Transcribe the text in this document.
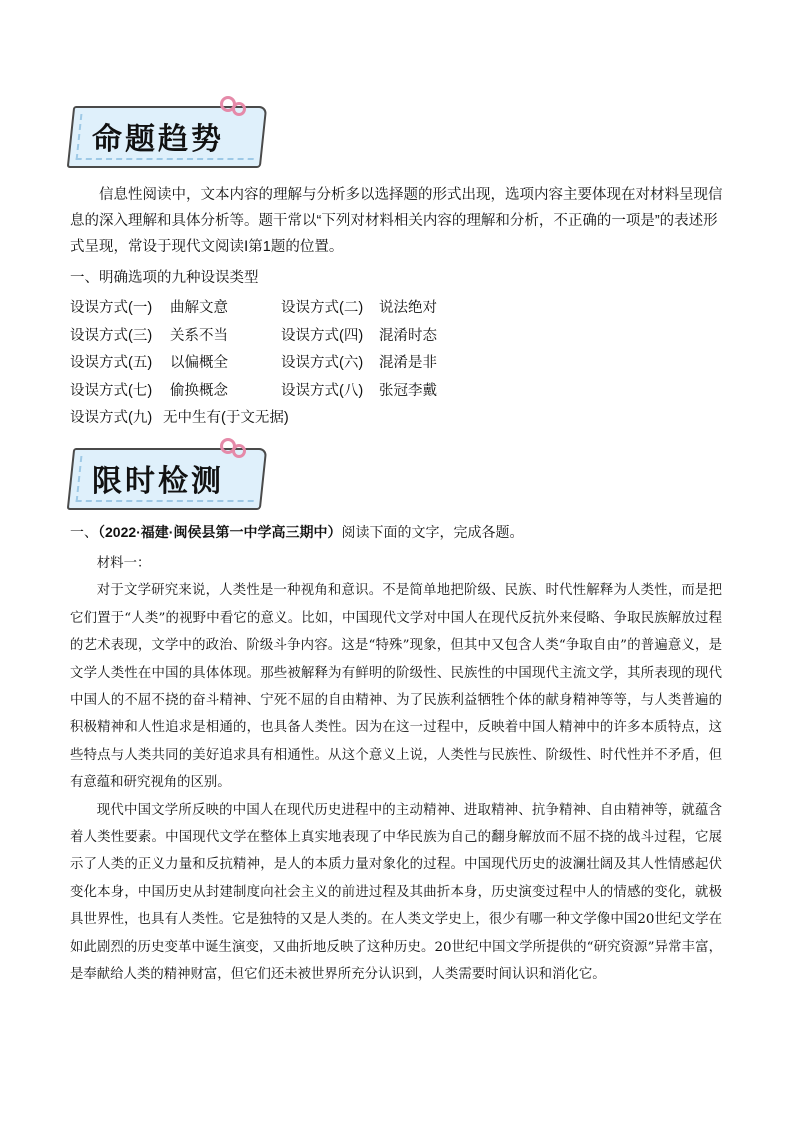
命题趋势

信息性阅读中，文本内容的理解与分析多以选择题的形式出现，选项内容主要体现在对材料呈现信息的深入理解和具体分析等。题干常以“下列对材料相关内容的理解和分析，不正确的一项是”的表述形式呈现，常设于现代文阅读Ⅰ第1题的位置。

一、明确选项的九种设误类型
设误方式(一) 曲解文意	设误方式(二) 说法绝对
设误方式(三) 关系不当	设误方式(四) 混淆时态
设误方式(五) 以偏概全	设误方式(六) 混淆是非
设误方式(七) 偷换概念	设误方式(八) 张冠李戴
设误方式(九) 无中生有(于文无据)
限时检测
一、（2022·福建·闽侯县第一中学高三期中）阅读下面的文字，完成各题。

材料一：

对于文学研究来说，人类性是一种视角和意识。不是简单地把阶级、民族、时代性解释为人类性，而是把它们置于“人类”的视野中看它的意义。比如，中国现代文学对中国人在现代反抗外来侵略、争取民族解放过程的艺术表现，文学中的政治、阶级斗争内容。这是“特殊”现象，但其中又包含人类“争取自由”的普遍意义，是文学人类性在中国的具体体现。那些被解释为有鲜明的阶级性、民族性的中国现代主流文学，其所表现的现代中国人的不屈不挠的奋斗精神、宁死不屈的自由精神、为了民族利益牺牲个体的献身精神等等，与人类普遍的积极精神和人性追求是相通的，也具备人类性。因为在这一过程中，反映着中国人精神中的许多本质特点，这些特点与人类共同的美好追求具有相通性。从这个意义上说，人类性与民族性、阶级性、时代性并不矛盾，但有意蕴和研究视角的区别。

现代中国文学所反映的中国人在现代历史进程中的主动精神、进取精神、抗争精神、自由精神等，就蕴含着人类性要素。中国现代文学在整体上真实地表现了中华民族为自己的翻身解放而不屈不挠的战斗过程，它展示了人类的正义力量和反抗精神，是人的本质力量对象化的过程。中国现代历史的波澜壮阔及其人性情感起伏变化本身，中国历史从封建制度向社会主义的前进过程及其曲折本身，历史演变过程中人的情感的变化，就极具世界性，也具有人类性。它是独特的又是人类的。在人类文学史上，很少有哪一种文学像中国20世纪文学在如此剧烈的历史变革中诞生演变，又曲折地反映了这种历史。20世纪中国文学所提供的“研究资源”异常丰富，是奉献给人类的精神财富，但它们还未被世界所充分认识到，人类需要时间认识和消化它。
